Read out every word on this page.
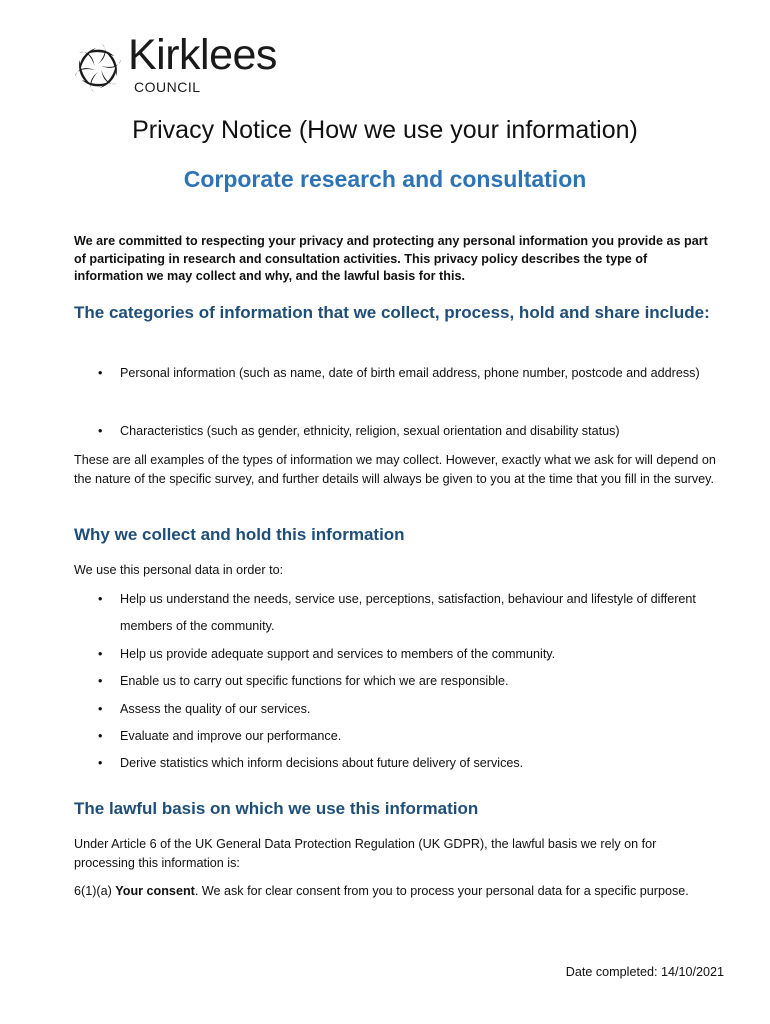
Kirklees
COUNCIL
Privacy Notice (How we use your information)
Corporate research and consultation

We are committed to respecting your privacy and protecting any personal information you provide as part of participating in research and consultation activities. This privacy policy describes the type of information we may collect and why, and the lawful basis for this.

The categories of information that we collect, process, hold and share include:
• Personal information (such as name, date of birth email address, phone number, postcode and address)
• Characteristics (such as gender, ethnicity, religion, sexual orientation and disability status)

These are all examples of the types of information we may collect. However, exactly what we ask for will depend on the nature of the specific survey, and further details will always be given to you at the time that you fill in the survey.

Why we collect and hold this information

We use this personal data in order to:

• Help us understand the needs, service use, perceptions, satisfaction, behaviour and lifestyle of different members of the community.
• Help us provide adequate support and services to members of the community.
• Enable us to carry out specific functions for which we are responsible.
• Assess the quality of our services.
• Evaluate and improve our performance.
• Derive statistics which inform decisions about future delivery of services.
The lawful basis on which we use this information

Under Article 6 of the UK General Data Protection Regulation (UK GDPR), the lawful basis we rely on for processing this information is:

6(1)(a) Your consent. We ask for clear consent from you to process your personal data for a specific purpose.

Date completed: 14/10/2021
